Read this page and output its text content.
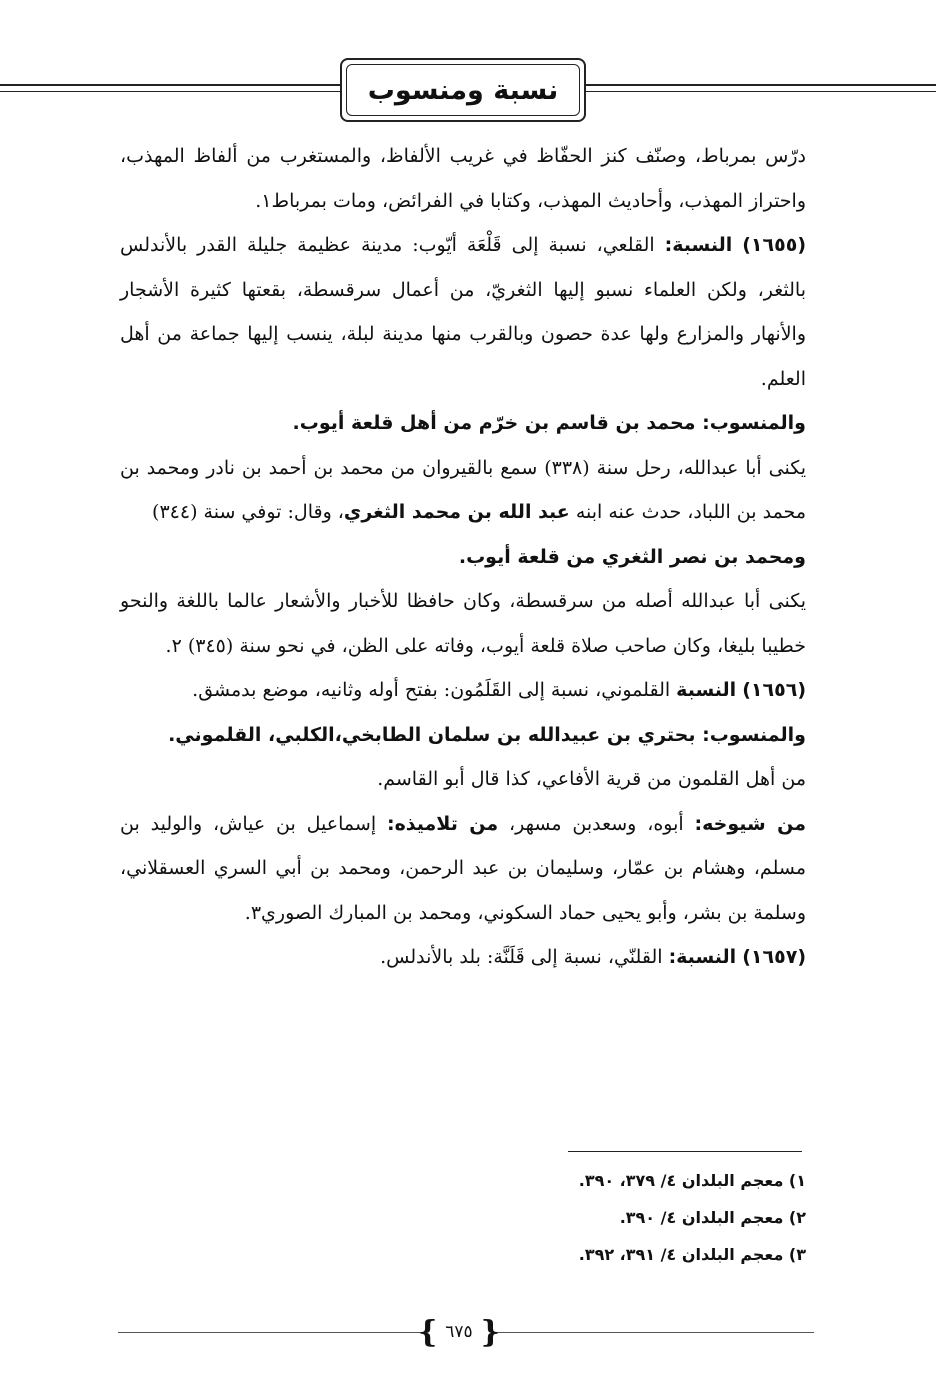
نسبة ومنسوب

درّس بمرباط، وصنّف كنز الحفّاظ في غريب الألفاظ، والمستغرب من ألفاظ المهذب، واحتراز المهذب، وأحاديث المهذب، وكتابا في الفرائض، ومات بمرباط١.

(١٦٥٥) النسبة: القلعي، نسبة إلى قَلْعَة أيّوب: مدينة عظيمة جليلة القدر بالأندلس بالثغر، ولكن العلماء نسبو إليها الثغريّ، من أعمال سرقسطة، بقعتها كثيرة الأشجار والأنهار والمزارع ولها عدة حصون وبالقرب منها مدينة لبلة، ينسب إليها جماعة من أهل العلم.

والمنسوب: محمد بن قاسم بن خرّم من أهل قلعة أيوب.

يكنى أبا عبدالله، رحل سنة (٣٣٨) سمع بالقيروان من محمد بن أحمد بن نادر ومحمد بن محمد بن اللباد، حدث عنه ابنه عبد الله بن محمد الثغري، وقال: توفي سنة (٣٤٤)

ومحمد بن نصر الثغري من قلعة أيوب.

يكنى أبا عبدالله أصله من سرقسطة، وكان حافظا للأخبار والأشعار عالما باللغة والنحو خطيبا بليغا، وكان صاحب صلاة قلعة أيوب، وفاته على الظن، في نحو سنة (٣٤٥) ٢.

(١٦٥٦) النسبة القلموني، نسبة إلى القَلَمُون: بفتح أوله وثانيه، موضع بدمشق.

والمنسوب: بحتري بن عبيدالله بن سلمان الطابخي،الكلبي، القلموني.

من أهل القلمون من قرية الأفاعي، كذا قال أبو القاسم.

من شيوخه: أبوه، وسعدبن مسهر، من تلاميذه: إسماعيل بن عياش، والوليد بن مسلم، وهشام بن عمّار، وسليمان بن عبد الرحمن، ومحمد بن أبي السري العسقلاني، وسلمة بن بشر، وأبو يحيى حماد السكوني، ومحمد بن المبارك الصوري٣.

(١٦٥٧) النسبة: القلنّي، نسبة إلى قَلَنَّة: بلد بالأندلس.

١) معجم البلدان ٤/ ٣٧٩، ٣٩٠.

٢) معجم البلدان ٤/ ٣٩٠.

٣) معجم البلدان ٤/ ٣٩١، ٣٩٢.

{ ٦٧٥
}
